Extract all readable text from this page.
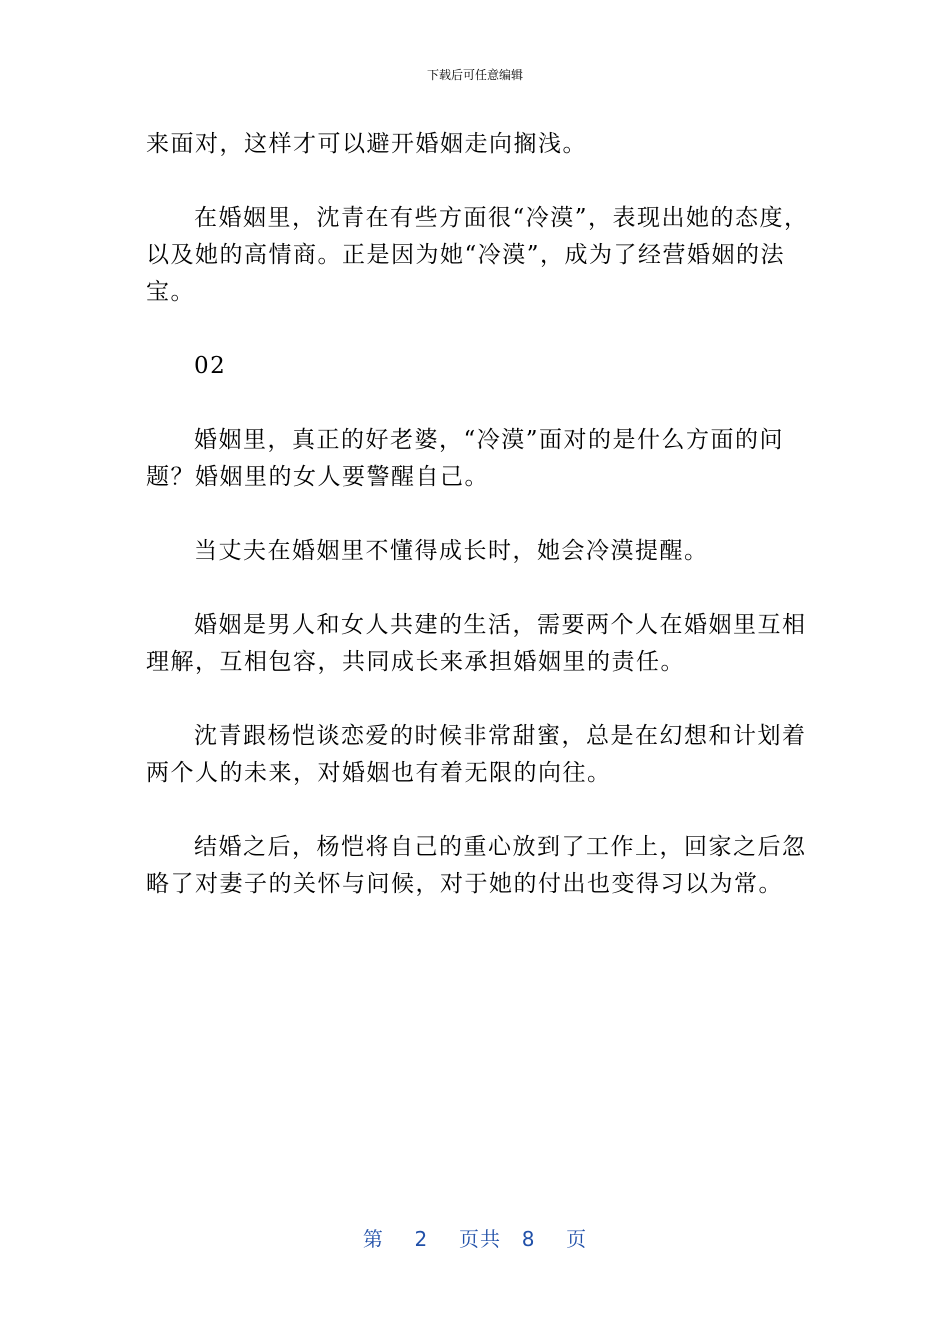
下载后可任意编辑

来面对，这样才可以避开婚姻走向搁浅。

在婚姻里，沈青在有些方面很“冷漠”，表现出她的态度，以及她的高情商。正是因为她“冷漠”，成为了经营婚姻的法宝。

02

婚姻里，真正的好老婆，“冷漠”面对的是什么方面的问题？婚姻里的女人要警醒自己。

当丈夫在婚姻里不懂得成长时，她会冷漠提醒。

婚姻是男人和女人共建的生活，需要两个人在婚姻里互相理解，互相包容，共同成长来承担婚姻里的责任。

沈青跟杨恺谈恋爱的时候非常甜蜜，总是在幻想和计划着两个人的未来，对婚姻也有着无限的向往。

结婚之后，杨恺将自己的重心放到了工作上，回家之后忽略了对妻子的关怀与问候，对于她的付出也变得习以为常。

第 2 页共 8 页
